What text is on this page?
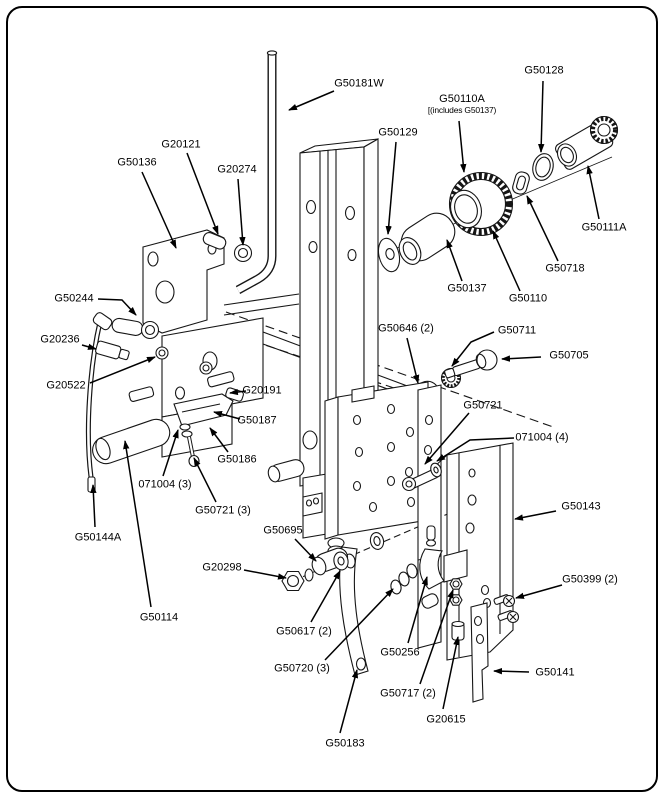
G50181W
G50128
G50110A
[(includes G50137)
G50129
G20121
G50136
G20274
G50111A
G50718
G50137
G50110
G50244
G20236
G20522	G20191
G50187
G50186
071004 (3)
G50721 (3)
G50144A
G50114
G50646 (2)	G50711
G50705
G50721
071004 (4)
G50143
G50399 (2)
G50695
G20298
G50617 (2)
G50720 (3)
G50256
G50717 (2)
G20615
G50141
G50183
